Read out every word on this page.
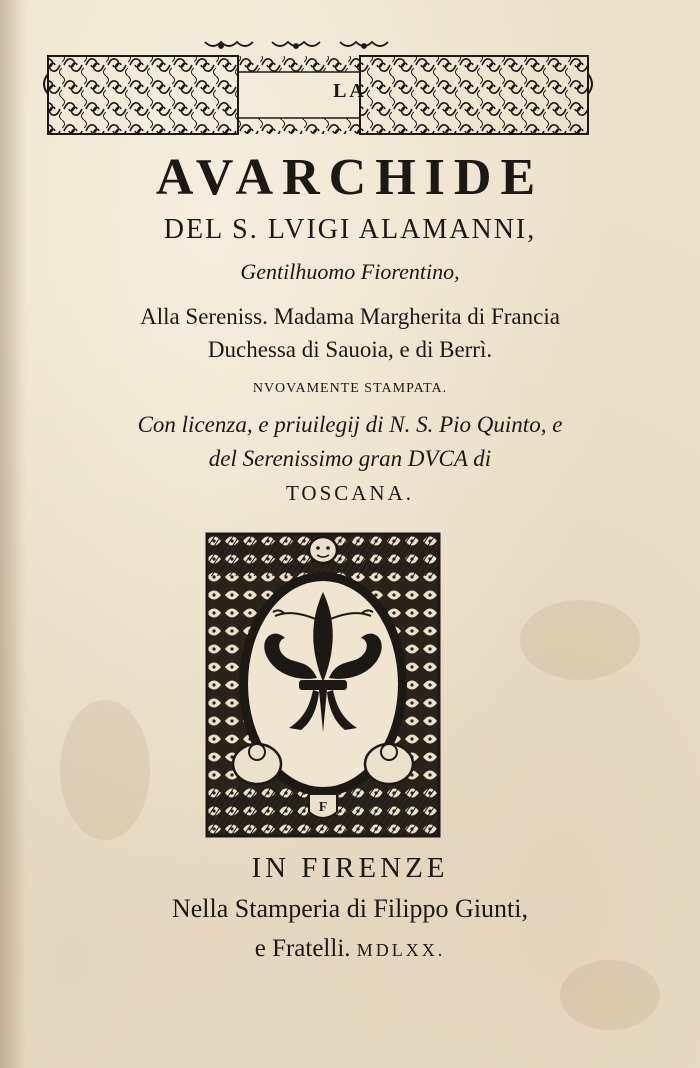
LA
AVARCHIDE
DEL S. LVIGI ALAMANNI,
Gentilhuomo Fiorentino,
Alla Sereniss. Madama Margherita di Francia
Duchessa di Sauoia, e di Berrì.
NVOVAMENTE STAMPATA.
Con licenza, e priuilegij di N. S. Pio Quinto, e
del Serenissimo gran DVCA di
TOSCANA.
F
IN FIRENZE
Nella Stamperia di Filippo Giunti,
e Fratelli. MDLXX.
